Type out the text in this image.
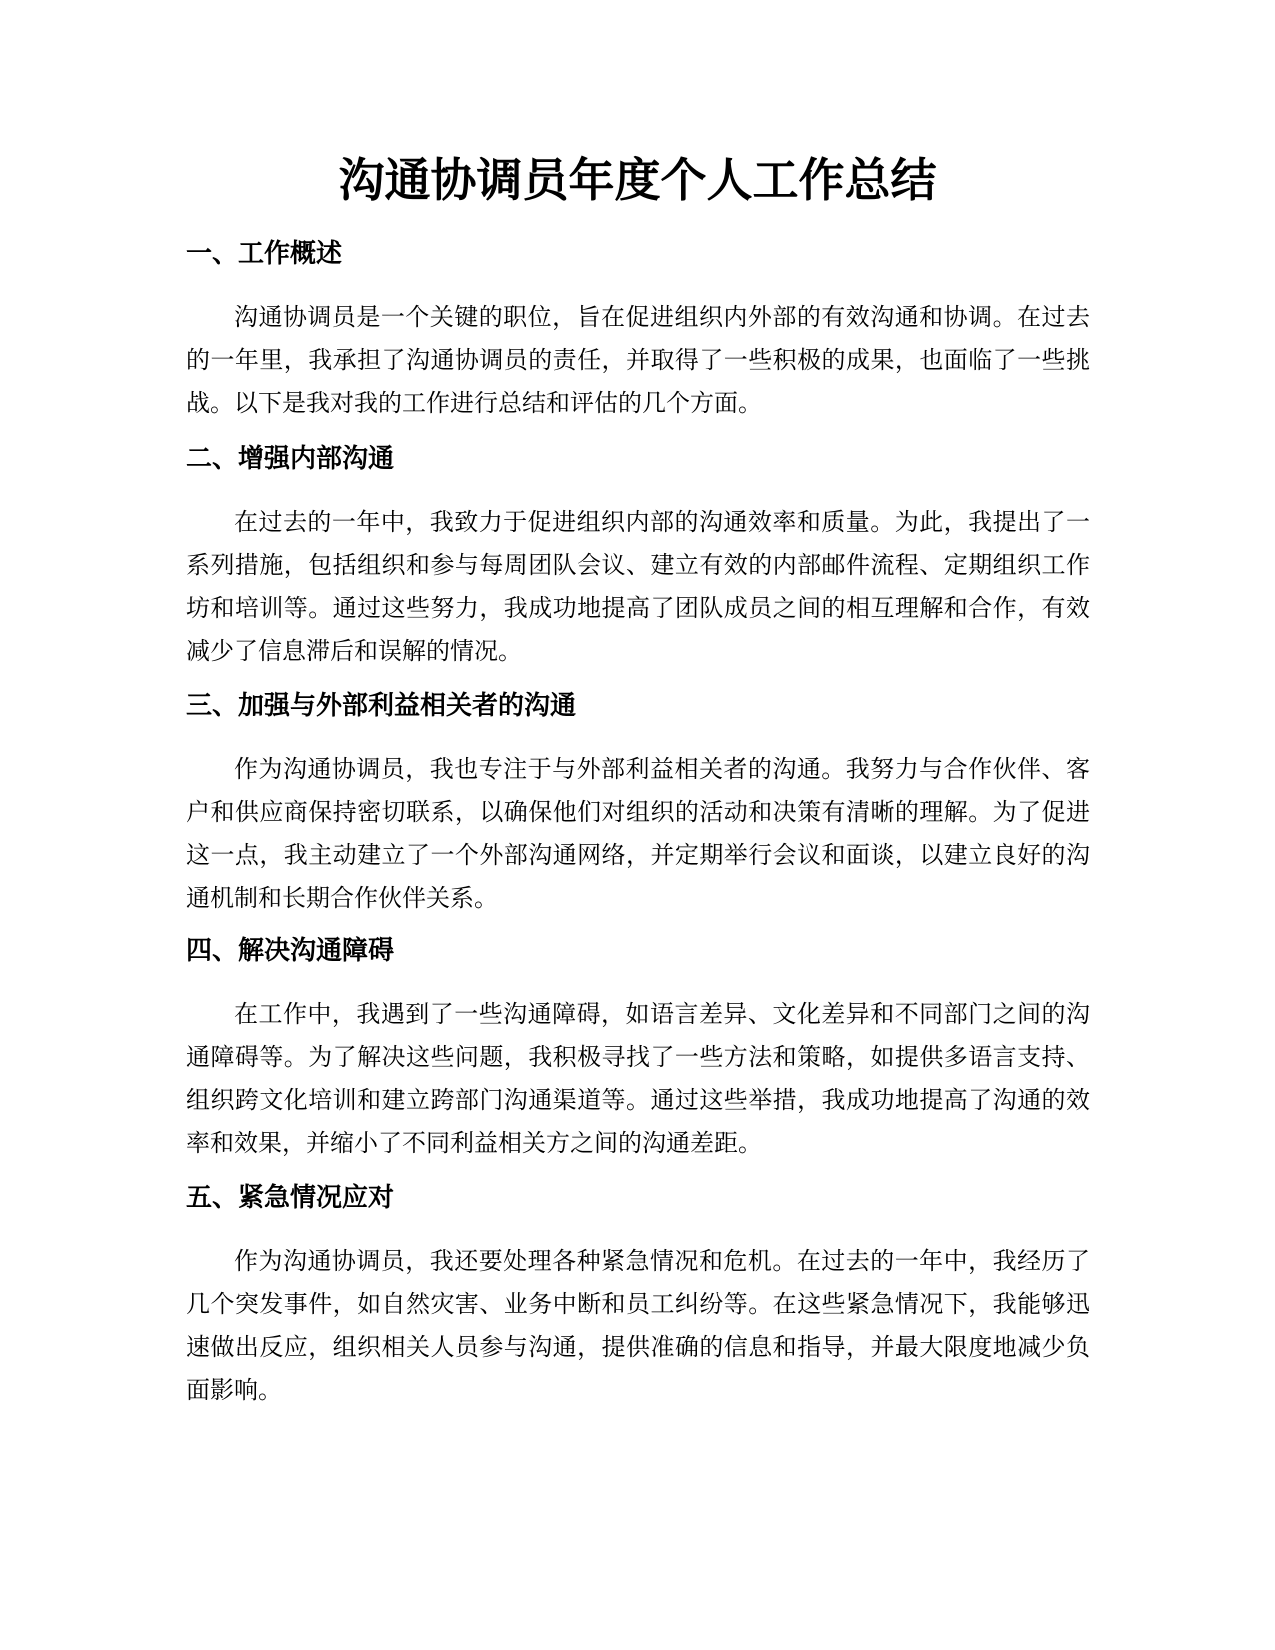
沟通协调员年度个人工作总结
一、工作概述

沟通协调员是一个关键的职位，旨在促进组织内外部的有效沟通和协调。在过去的一年里，我承担了沟通协调员的责任，并取得了一些积极的成果，也面临了一些挑战。以下是我对我的工作进行总结和评估的几个方面。

二、增强内部沟通

在过去的一年中，我致力于促进组织内部的沟通效率和质量。为此，我提出了一系列措施，包括组织和参与每周团队会议、建立有效的内部邮件流程、定期组织工作坊和培训等。通过这些努力，我成功地提高了团队成员之间的相互理解和合作，有效减少了信息滞后和误解的情况。

三、加强与外部利益相关者的沟通

作为沟通协调员，我也专注于与外部利益相关者的沟通。我努力与合作伙伴、客户和供应商保持密切联系，以确保他们对组织的活动和决策有清晰的理解。为了促进这一点，我主动建立了一个外部沟通网络，并定期举行会议和面谈，以建立良好的沟通机制和长期合作伙伴关系。

四、解决沟通障碍

在工作中，我遇到了一些沟通障碍，如语言差异、文化差异和不同部门之间的沟通障碍等。为了解决这些问题，我积极寻找了一些方法和策略，如提供多语言支持、组织跨文化培训和建立跨部门沟通渠道等。通过这些举措，我成功地提高了沟通的效率和效果，并缩小了不同利益相关方之间的沟通差距。

五、紧急情况应对

作为沟通协调员，我还要处理各种紧急情况和危机。在过去的一年中，我经历了几个突发事件，如自然灾害、业务中断和员工纠纷等。在这些紧急情况下，我能够迅速做出反应，组织相关人员参与沟通，提供准确的信息和指导，并最大限度地减少负面影响。
